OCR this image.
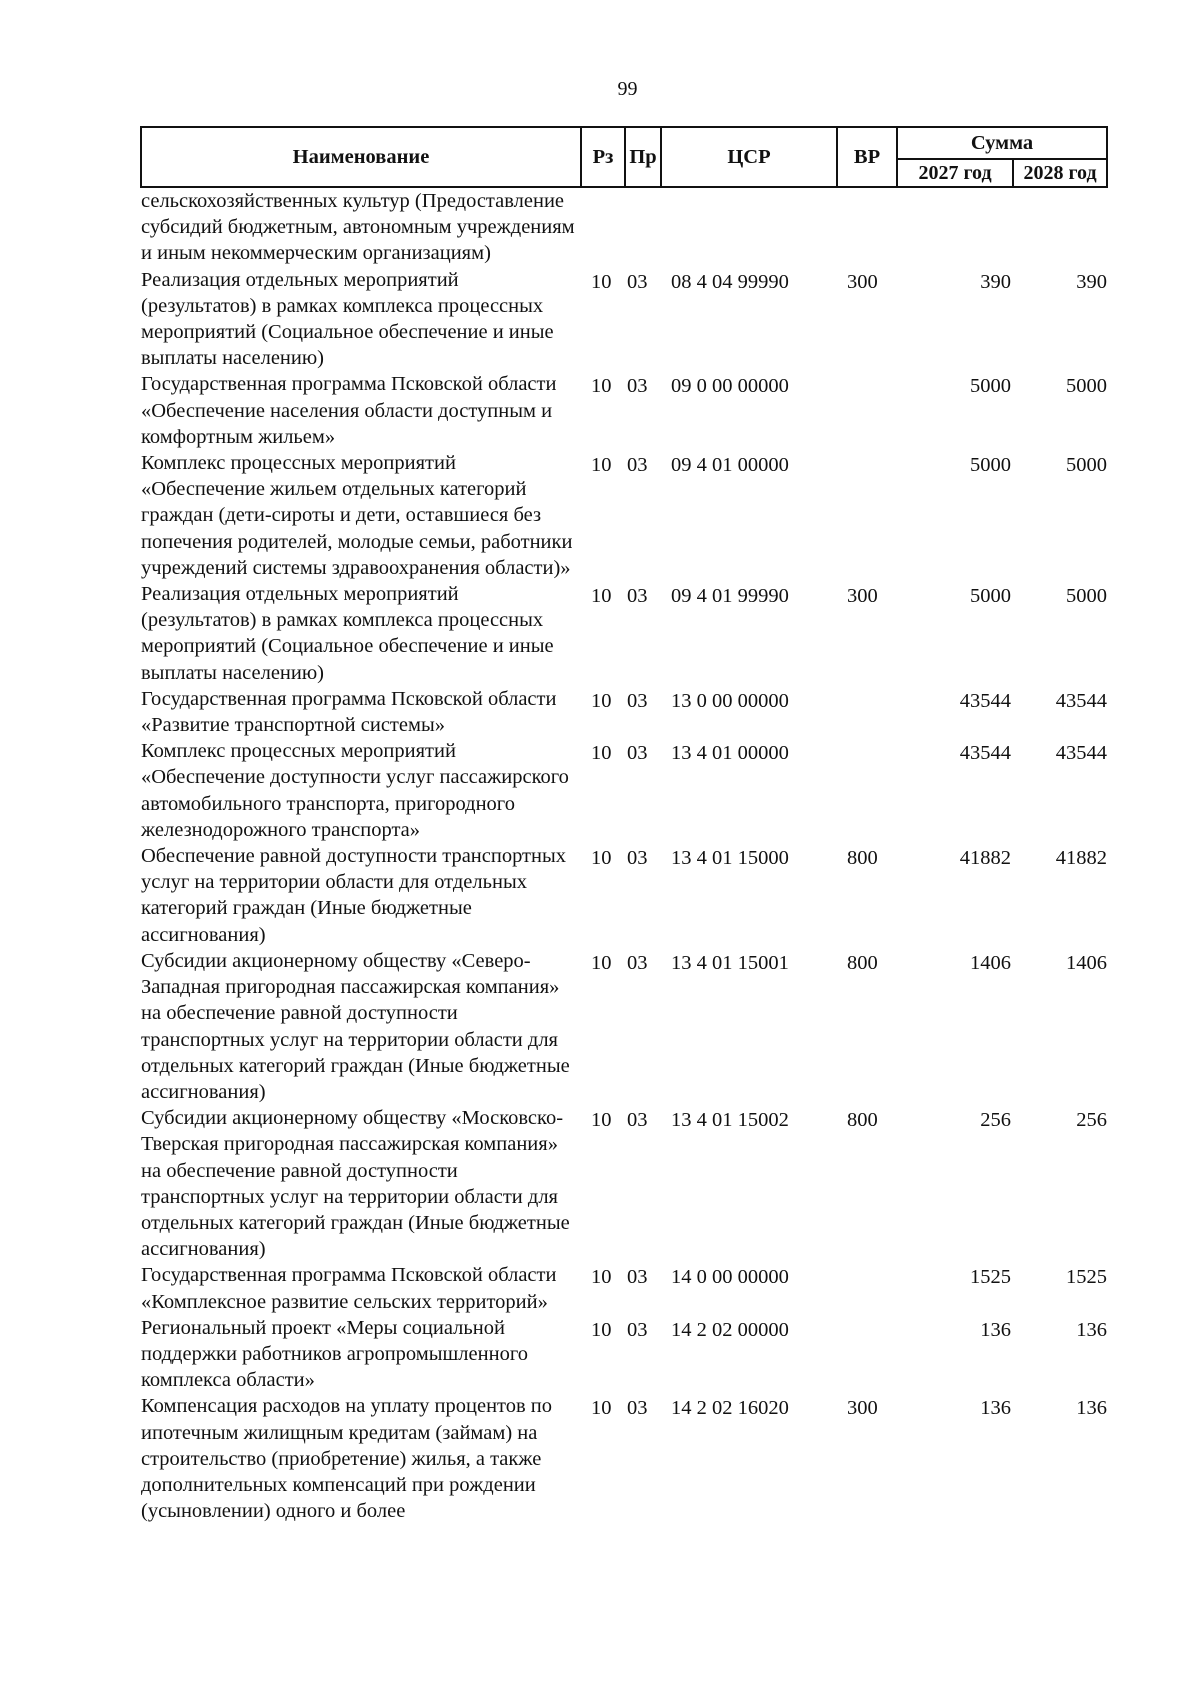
99
Наименование	Рз	Пр	ЦСР	ВР	Сумма	
					2027 год	2028 год
сельскохозяйственных культур (Предоставление субсидий бюджетным, автономным учреждениям и иным некоммерческим организациям)	

Реализация отдельных мероприятий (результатов) в рамках комплекса процессных мероприятий (Социальное обеспечение и иные выплаты населению)	10	03	08 4 04 99990	300	390	390

Государственная программа Псковской области «Обеспечение населения области доступным и комфортным жильем»	10	03	09 0 00 00000		5000	5000

Комплекс процессных мероприятий «Обеспечение жильем отдельных категорий граждан (дети-сироты и дети, оставшиеся без попечения родителей, молодые семьи, работники учреждений системы здравоохранения области)»	10	03	09 4 01 00000		5000	5000

Реализация отдельных мероприятий (результатов) в рамках комплекса процессных мероприятий (Социальное обеспечение и иные выплаты населению)	10	03	09 4 01 99990	300	5000	5000

Государственная программа Псковской области «Развитие транспортной системы»	10	03	13 0 00 00000		43544	43544

Комплекс процессных мероприятий «Обеспечение доступности услуг пассажирского автомобильного транспорта, пригородного железнодорожного транспорта»	10	03	13 4 01 00000		43544	43544

Обеспечение равной доступности транспортных услуг на территории области для отдельных категорий граждан (Иные бюджетные ассигнования)	10	03	13 4 01 15000	800	41882	41882

Субсидии акционерному обществу «Северо-Западная пригородная пассажирская компания» на обеспечение равной доступности транспортных услуг на территории области для отдельных категорий граждан (Иные бюджетные ассигнования)	10	03	13 4 01 15001	800	1406	1406

Субсидии акционерному обществу «Московско-Тверская пригородная пассажирская компания» на обеспечение равной доступности транспортных услуг на территории области для отдельных категорий граждан (Иные бюджетные ассигнования)	10	03	13 4 01 15002	800	256	256

Государственная программа Псковской области «Комплексное развитие сельских территорий»	10	03	14 0 00 00000		1525	1525

Региональный проект «Меры социальной поддержки работников агропромышленного комплекса области»	10	03	14 2 02 00000		136	136

Компенсация расходов на уплату процентов по ипотечным жилищным кредитам (займам) на строительство (приобретение) жилья, а также дополнительных компенсаций при рождении (усыновлении) одного и более	10	03	14 2 02 16020	300	136	136
